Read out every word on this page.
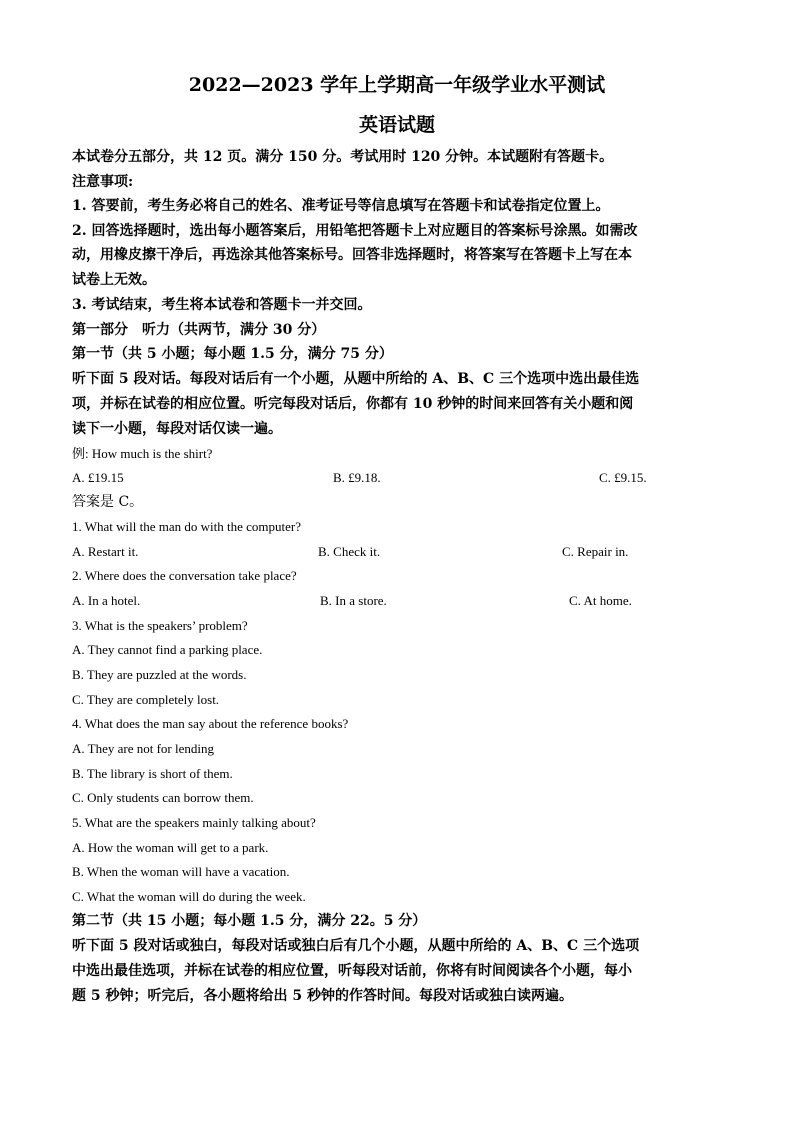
2022—2023 学年上学期高一年级学业水平测试
英语试题
本试卷分五部分，共 12 页。满分 150 分。考试用时 120 分钟。本试题附有答题卡。
注意事项:
1. 答要前，考生务必将自己的姓名、准考证号等信息填写在答题卡和试卷指定位置上。
2. 回答选择题时，选出每小题答案后，用铅笔把答题卡上对应题目的答案标号涂黑。如需改
动，用橡皮擦干净后，再选涂其他答案标号。回答非选择题时，将答案写在答题卡上写在本
试卷上无效。
3. 考试结束，考生将本试卷和答题卡一并交回。
第一部分　听力（共两节，满分 30 分）
第一节（共 5 小题；每小题 1.5 分，满分 75 分）
听下面 5 段对话。每段对话后有一个小题，从题中所给的 A、B、C 三个选项中选出最佳选
项，并标在试卷的相应位置。听完每段对话后，你都有 10 秒钟的时间来回答有关小题和阅
读下一小题，每段对话仅读一遍。
例: How much is the shirt?
A. £19.15	B. £9.18.	C. £9.15.
答案是 C。
1. What will the man do with the computer?
A. Restart it.	B. Check it.	C. Repair in.
2. Where does the conversation take place?
A. In a hotel.	B. In a store.	C. At home.
3. What is the speakers’ problem?
A. They cannot find a parking place.
B. They are puzzled at the words.
C. They are completely lost.
4. What does the man say about the reference books?
A. They are not for lending
B. The library is short of them.
C. Only students can borrow them.
5. What are the speakers mainly talking about?
A. How the woman will get to a park.
B. When the woman will have a vacation.
C. What the woman will do during the week.
第二节（共 15 小题；每小题 1.5 分，满分 22。5 分）
听下面 5 段对话或独白，每段对话或独白后有几个小题，从题中所给的 A、B、C 三个选项
中选出最佳选项，并标在试卷的相应位置，听每段对话前，你将有时间阅读各个小题，每小
题 5 秒钟；听完后，各小题将给出 5 秒钟的作答时间。每段对话或独白读两遍。
